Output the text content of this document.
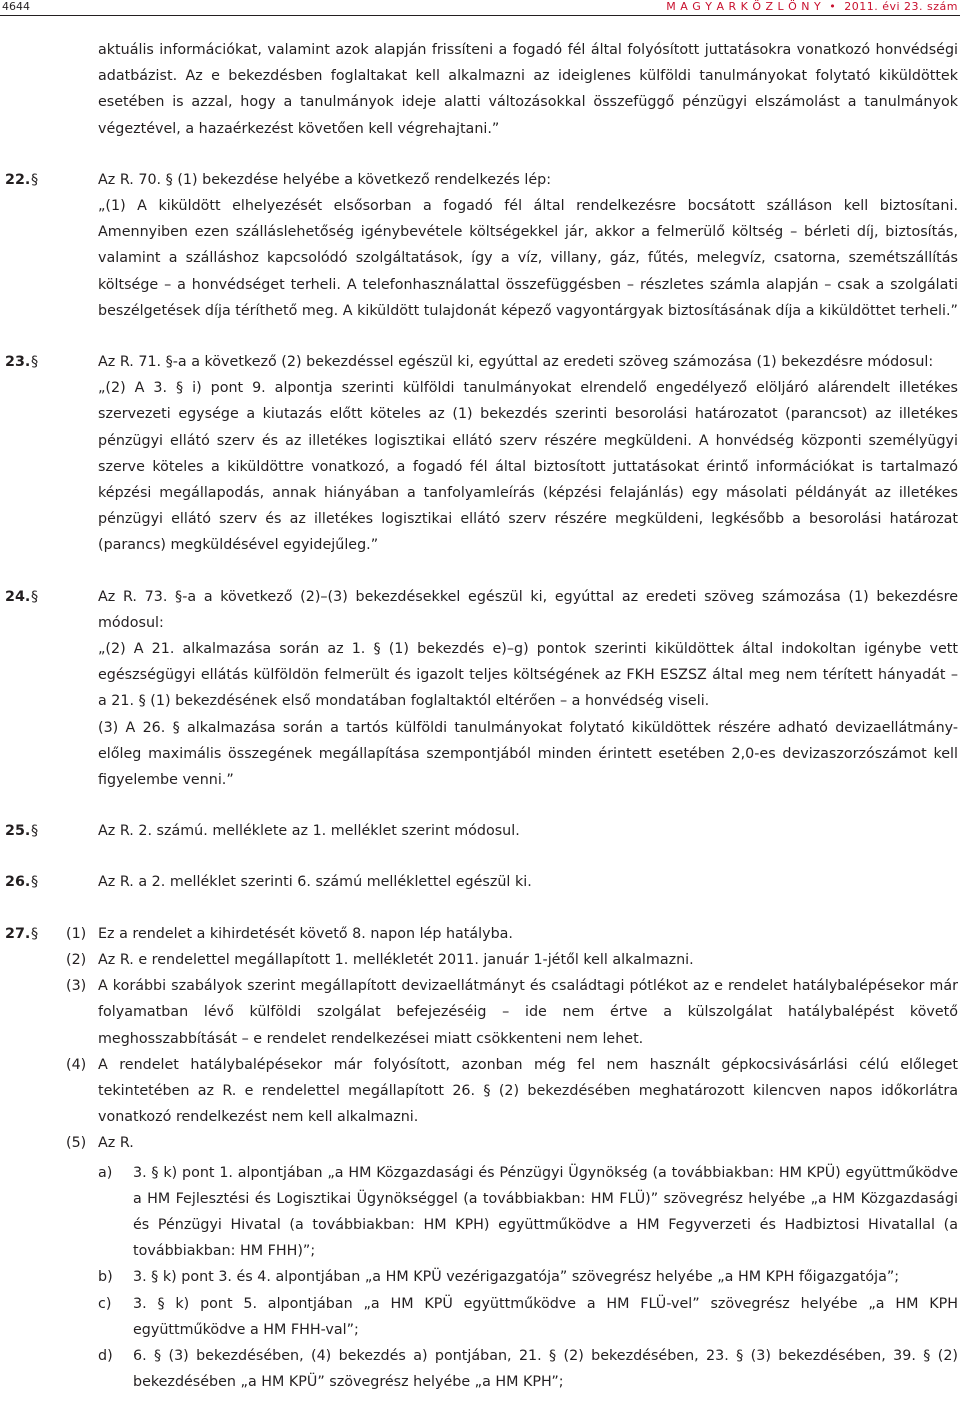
4644	M A G Y A R K Ö Z L Ö N Y  •  2011. évi 23. szám

aktuális információkat, valamint azok alapján frissíteni a fogadó fél által folyósított juttatásokra vonatkozó honvédségi adatbázist. Az e bekezdésben foglaltakat kell alkalmazni az ideiglenes külföldi tanulmányokat folytató kiküldöttek esetében is azzal, hogy a tanulmányok ideje alatti változásokkal összefüggő pénzügyi elszámolást a tanulmányok végeztével, a hazaérkezést követően kell végrehajtani.”

22. §	Az R. 70. § (1) bekezdése helyébe a következő rendelkezés lép:

„(1) A kiküldött elhelyezését elsősorban a fogadó fél által rendelkezésre bocsátott szálláson kell biztosítani. Amennyiben ezen szálláslehetőség igénybevétele költségekkel jár, akkor a felmerülő költség – bérleti díj, biztosítás, valamint a szálláshoz kapcsolódó szolgáltatások, így a víz, villany, gáz, fűtés, melegvíz, csatorna, szemétszállítás költsége – a honvédséget terheli. A telefonhasználattal összefüggésben – részletes számla alapján – csak a szolgálati beszélgetések díja téríthető meg. A kiküldött tulajdonát képező vagyontárgyak biztosításának díja a kiküldöttet terheli.”

23. §	Az R. 71. §-a a következő (2) bekezdéssel egészül ki, egyúttal az eredeti szöveg számozása (1) bekezdésre módosul:

„(2) A 3. § i) pont 9. alpontja szerinti külföldi tanulmányokat elrendelő engedélyező elöljáró alárendelt illetékes szervezeti egysége a kiutazás előtt köteles az (1) bekezdés szerinti besorolási határozatot (parancsot) az illetékes pénzügyi ellátó szerv és az illetékes logisztikai ellátó szerv részére megküldeni. A honvédség központi személyügyi szerve köteles a kiküldöttre vonatkozó, a fogadó fél által biztosított juttatásokat érintő információkat is tartalmazó képzési megállapodás, annak hiányában a tanfolyamleírás (képzési felajánlás) egy másolati példányát az illetékes pénzügyi ellátó szerv és az illetékes logisztikai ellátó szerv részére megküldeni, legkésőbb a besorolási határozat (parancs) megküldésével egyidejűleg.”

24. §	Az R. 73. §-a a következő (2)–(3) bekezdésekkel egészül ki, egyúttal az eredeti szöveg számozása (1) bekezdésre módosul:

„(2) A 21. alkalmazása során az 1. § (1) bekezdés e)–g) pontok szerinti kiküldöttek által indokoltan igénybe vett egészségügyi ellátás külföldön felmerült és igazolt teljes költségének az FKH ESZSZ által meg nem térített hányadát – a 21. § (1) bekezdésének első mondatában foglaltaktól eltérően – a honvédség viseli.

(3) A 26. § alkalmazása során a tartós külföldi tanulmányokat folytató kiküldöttek részére adható devizaellátmány-előleg maximális összegének megállapítása szempontjából minden érintett esetében 2,0-es devizaszorzószámot kell figyelembe venni.”

25. §	Az R. 2. számú. melléklete az 1. melléklet szerint módosul.

26. §	Az R. a 2. melléklet szerinti 6. számú melléklettel egészül ki.

27. § (1) Ez a rendelet a kihirdetését követő 8. napon lép hatályba.

(2) Az R. e rendelettel megállapított 1. mellékletét 2011. január 1-jétől kell alkalmazni.

(3) A korábbi szabályok szerint megállapított devizaellátmányt és családtagi pótlékot az e rendelet hatálybalépésekor már folyamatban lévő külföldi szolgálat befejezéséig – ide nem értve a külszolgálat hatálybalépést követő meghosszabbítását – e rendelet rendelkezései miatt csökkenteni nem lehet.

(4) A rendelet hatálybalépésekor már folyósított, azonban még fel nem használt gépkocsivásárlási célú előleget tekintetében az R. e rendelettel megállapított 26. § (2) bekezdésében meghatározott kilencven napos időkorlátra vonatkozó rendelkezést nem kell alkalmazni.

(5) Az R.

a) 3. § k) pont 1. alpontjában „a HM Közgazdasági és Pénzügyi Ügynökség (a továbbiakban: HM KPÜ) együttműködve a HM Fejlesztési és Logisztikai Ügynökséggel (a továbbiakban: HM FLÜ)” szövegrész helyébe „a HM Közgazdasági és Pénzügyi Hivatal (a továbbiakban: HM KPH) együttműködve a HM Fegyverzeti és Hadbiztosi Hivatallal (a továbbiakban: HM FHH)”;

b) 3. § k) pont 3. és 4. alpontjában „a HM KPÜ vezérigazgatója” szövegrész helyébe „a HM KPH főigazgatója”;

c) 3. § k) pont 5. alpontjában „a HM KPÜ együttműködve a HM FLÜ-vel” szövegrész helyébe „a HM KPH együttműködve a HM FHH-val”;

d) 6. § (3) bekezdésében, (4) bekezdés a) pontjában, 21. § (2) bekezdésében, 23. § (3) bekezdésében, 39. § (2) bekezdésében „a HM KPÜ” szövegrész helyébe „a HM KPH”;
